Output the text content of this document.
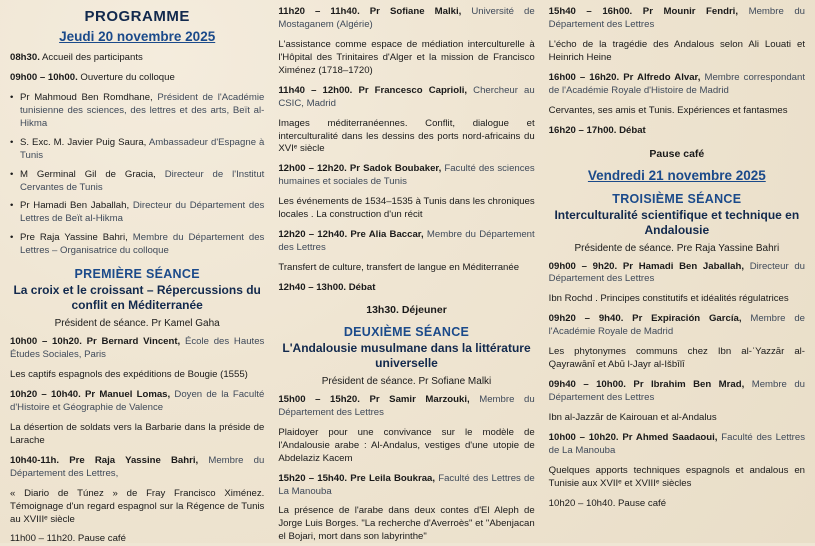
PROGRAMME
Jeudi 20 novembre 2025

08h30. Accueil des participants

09h00 – 10h00. Ouverture du colloque

• Pr Mahmoud Ben Romdhane, Président de l'Académie tunisienne des sciences, des lettres et des arts, Beït al-Hikma
• S. Exc. M. Javier Puig Saura, Ambassadeur d'Espagne à Tunis
• M Germinal Gil de Gracia, Directeur de l'Institut Cervantes de Tunis
• Pr Hamadi Ben Jaballah, Directeur du Département des Lettres de Beït al-Hikma
• Pre Raja Yassine Bahri, Membre du Département des Lettres – Organisatrice du colloque
PREMIÈRE SÉANCE
La croix et le croissant – Répercussions du conflit en Méditerranée
Président de séance. Pr Kamel Gaha

10h00 – 10h20. Pr Bernard Vincent, École des Hautes Études Sociales, Paris

Les captifs espagnols des expéditions de Bougie (1555)

10h20 – 10h40. Pr Manuel Lomas, Doyen de la Faculté d'Histoire et Géographie de Valence

La désertion de soldats vers la Barbarie dans la préside de Larache

10h40-11h. Pre Raja Yassine Bahri, Membre du Département des Lettres,

« Diario de Túnez » de Fray Francisco Ximénez. Témoignage d'un regard espagnol sur la Régence de Tunis au XVIIIᵉ siècle

11h00 – 11h20. Pause café

11h20 – 11h40. Pr Sofiane Malki, Université de Mostaganem (Algérie)

L'assistance comme espace de médiation interculturelle à l'Hôpital des Trinitaires d'Alger et la mission de Francisco Ximénez (1718–1720)

11h40 – 12h00. Pr Francesco Caprioli, Chercheur au CSIC, Madrid

Images méditerranéennes. Conflit, dialogue et interculturalité dans les dessins des ports nord-africains du XVIᵉ siècle

12h00 – 12h20. Pr Sadok Boubaker, Faculté des sciences humaines et sociales de Tunis

Les événements de 1534–1535 à Tunis dans les chroniques locales . La construction d'un récit

12h20 – 12h40. Pre Alia Baccar, Membre du Département des Lettres

Transfert de culture, transfert de langue en Méditerranée

12h40 – 13h00. Débat

13h30. Déjeuner
DEUXIÈME SÉANCE
L'Andalousie musulmane dans la littérature universelle
Président de séance. Pr Sofiane Malki

15h00 – 15h20. Pr Samir Marzouki, Membre du Département des Lettres

Plaidoyer pour une convivance sur le modèle de l'Andalousie arabe : Al-Andalus, vestiges d'une utopie de Abdelaziz Kacem

15h20 – 15h40. Pre Leila Boukraa, Faculté des Lettres de La Manouba

La présence de l'arabe dans deux contes d'El Aleph de Jorge Luis Borges. "La recherche d'Averroès" et "Abenjacan el Bojari, mort dans son labyrinthe"

15h40 – 16h00. Pr Mounir Fendri, Membre du Département des Lettres

L'écho de la tragédie des Andalous selon Ali Louati et Heinrich Heine

16h00 – 16h20. Pr Alfredo Alvar, Membre correspondant de l'Académie Royale d'Histoire de Madrid

Cervantes, ses amis et Tunis. Expériences et fantasmes

16h20 – 17h00. Débat

Pause café
Vendredi 21 novembre 2025
TROISIÈME SÉANCE
Interculturalité scientifique et technique en Andalousie
Présidente de séance. Pre Raja Yassine Bahri

09h00 – 9h20. Pr Hamadi Ben Jaballah, Directeur du Département des Lettres

Ibn Rochd . Principes constitutifs et idéalités régulatrices

09h20 – 9h40. Pr Expiración García, Membre de l'Académie Royale de Madrid

Les phytonymes communs chez Ibn al-ʿYazzār al-Qayrawānī et Abū l-Jayr al-Išbīlī

09h40 – 10h00. Pr Ibrahim Ben Mrad, Membre du Département des Lettres

Ibn al-Jazzār de Kairouan et al-Andalus

10h00 – 10h20. Pr Ahmed Saadaoui, Faculté des Lettres de La Manouba

Quelques apports techniques espagnols et andalous en Tunisie aux XVIIᵉ et XVIIIᵉ siècles

10h20 – 10h40. Pause café
